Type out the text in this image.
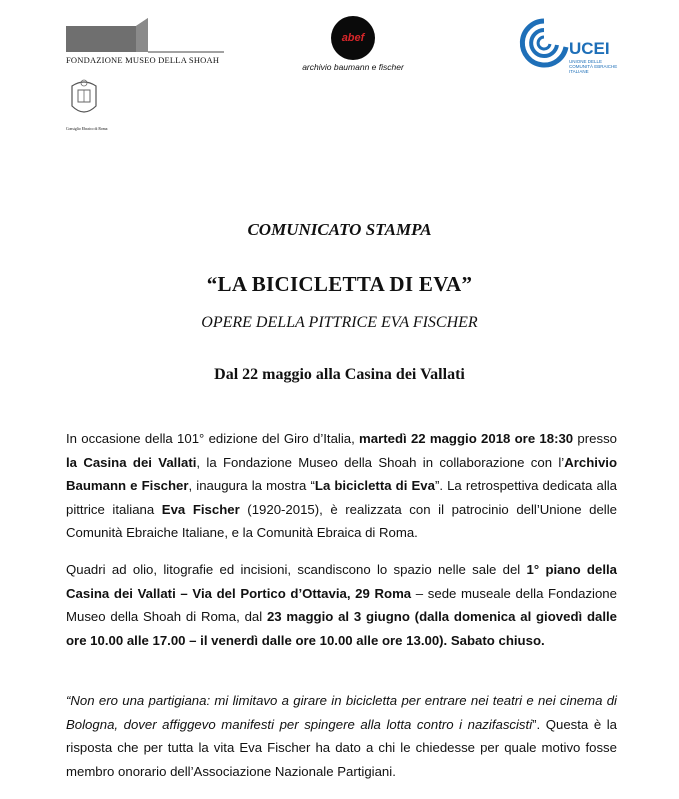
FONDAZIONE MUSEO DELLA SHOAH
Consiglio Ebraico di Roma
abef
archivio baumann e fischer
UCEI
UNIONE DELLE COMUNITÀ EBRAICHE ITALIANE
COMUNICATO STAMPA
“LA BICICLETTA DI EVA”
OPERE DELLA PITTRICE EVA FISCHER
Dal 22 maggio alla Casina dei Vallati
In occasione della 101° edizione del Giro d’Italia, martedì 22 maggio 2018 ore 18:30 presso la Casina dei Vallati, la Fondazione Museo della Shoah in collaborazione con l’Archivio Baumann e Fischer, inaugura la mostra “La bicicletta di Eva”. La retrospettiva dedicata alla pittrice italiana Eva Fischer (1920-2015), è realizzata con il patrocinio dell’Unione delle Comunità Ebraiche Italiane, e la Comunità Ebraica di Roma.
Quadri ad olio, litografie ed incisioni, scandiscono lo spazio nelle sale del 1° piano della Casina dei Vallati – Via del Portico d’Ottavia, 29 Roma – sede museale della Fondazione Museo della Shoah di Roma, dal 23 maggio al 3 giugno (dalla domenica al giovedì dalle ore 10.00 alle 17.00 – il venerdì dalle ore 10.00 alle ore 13.00). Sabato chiuso.
“Non ero una partigiana: mi limitavo a girare in bicicletta per entrare nei teatri e nei cinema di Bologna, dover affiggevo manifesti per spingere alla lotta contro i nazifascisti”. Questa è la risposta che per tutta la vita Eva Fischer ha dato a chi le chiedesse per quale motivo fosse membro onorario dell’Associazione Nazionale Partigiani.
